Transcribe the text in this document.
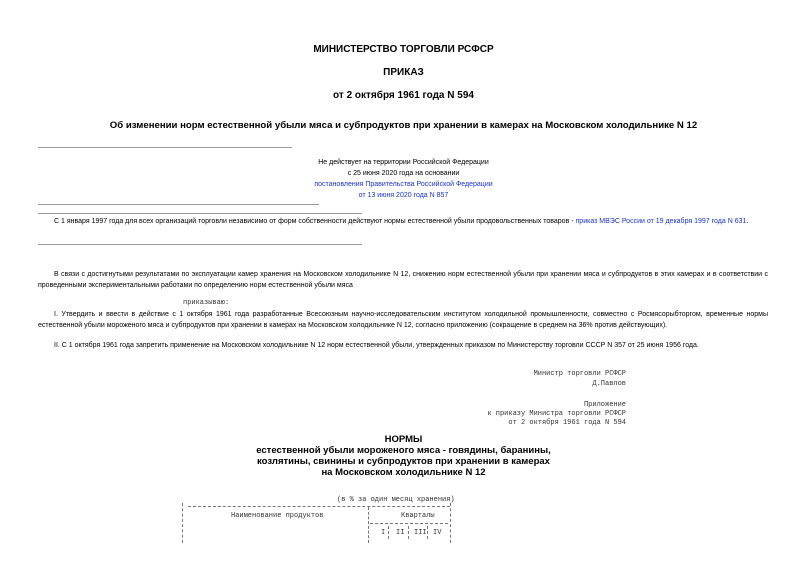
МИНИСТЕРСТВО ТОРГОВЛИ РСФСР
ПРИКАЗ
от 2 октября 1961 года N 594
Об изменении норм естественной убыли мяса и субпродуктов при хранении в камерах на Московском холодильнике N 12
Не действует на территории Российской Федерации
с 25 июня 2020 года на основании
постановления Правительства Российской Федерации
от 13 июня 2020 года N 857
С 1 января 1997 года для всех организаций торговли независимо от форм собственности действуют нормы естественной убыли продовольственных товаров - приказ МВЭС России от 19 декабря 1997 года N 631.
В связи с достигнутыми результатами по эксплуатации камер хранения на Московском холодильнике N 12, снижению норм естественной убыли при хранении мяса и субпродуктов в этих камерах и в соответствии с проведенными экспериментальными работами по определению норм естественной убыли мяса
приказываю:
I. Утвердить и ввести в действие с 1 октября 1961 года разработанные Всесоюзным научно-исследовательским институтом холодильной промышленности, совместно с Росмясорыбторгом, временные нормы естественной убыли мороженого мяса и субпродуктов при хранении в камерах на Московском холодильнике N 12, согласно приложению (сокращение в среднем на 36% против действующих).
II. С 1 октября 1961 года запретить применение на Московском холодильнике N 12 норм естественной убыли, утвержденных приказом по Министерству торговли СССР N 357 от 25 июня 1956 года.
Министр торговли РСФСР
Д.Павлов
Приложение
к приказу Министра торговли РСФСР
от 2 октября 1961 года N 594
НОРМЫ
естественной убыли мороженого мяса - говядины, баранины,
козлятины, свинины и субпродуктов при хранении в камерах
на Московском холодильнике N 12
(в % за один месяц хранения)
Наименование продуктов	Кварталы
I II III IV
